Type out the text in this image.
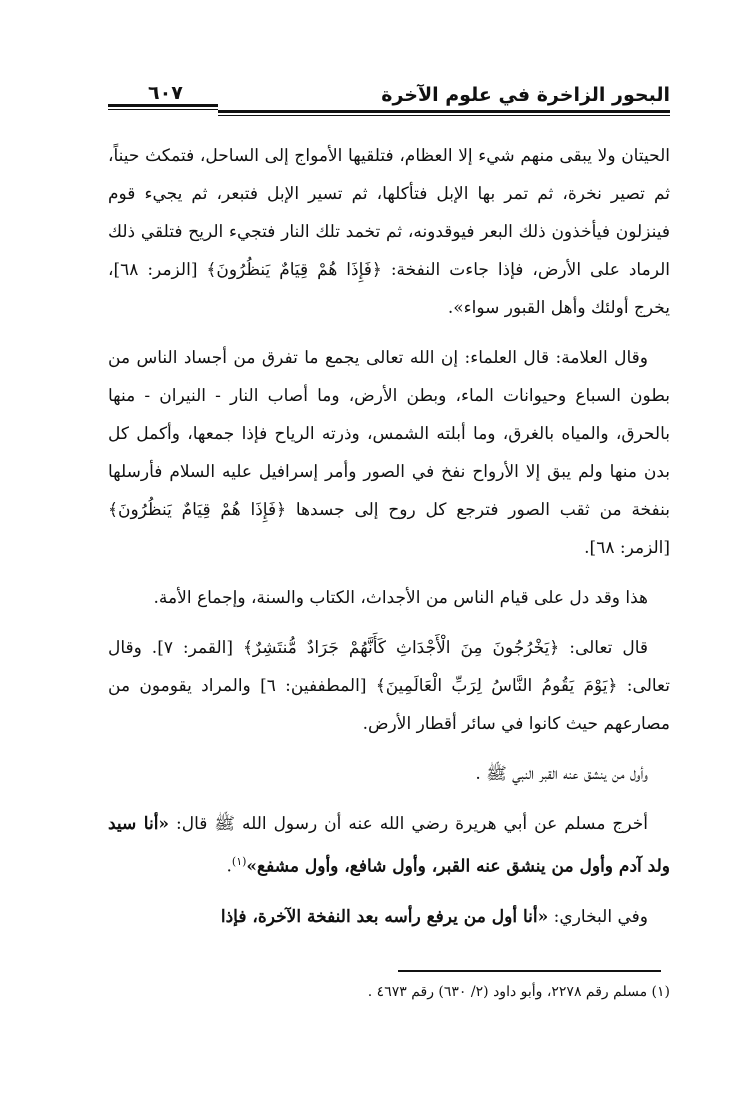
البحور الزاخرة في علوم الآخرة
٦٠٧

الحيتان ولا يبقى منهم شيء إلا العظام، فتلقيها الأمواج إلى الساحل، فتمكث حيناً، ثم تصير نخرة، ثم تمر بها الإبل فتأكلها، ثم تسير الإبل فتبعر، ثم يجيء قوم فينزلون فيأخذون ذلك البعر فيوقدونه، ثم تخمد تلك النار فتجيء الريح فتلقي ذلك الرماد على الأرض، فإذا جاءت النفخة: ﴿فَإِذَا هُمْ قِيَامٌ يَنظُرُونَ﴾ [الزمر: ٦٨]، يخرج أولئك وأهل القبور سواء».

وقال العلامة: قال العلماء: إن الله تعالى يجمع ما تفرق من أجساد الناس من بطون السباع وحيوانات الماء، وبطن الأرض، وما أصاب النار - النيران - منها بالحرق، والمياه بالغرق، وما أبلته الشمس، وذرته الرياح فإذا جمعها، وأكمل كل بدن منها ولم يبق إلا الأرواح نفخ في الصور وأمر إسرافيل عليه السلام فأرسلها بنفخة من ثقب الصور فترجع كل روح إلى جسدها ﴿فَإِذَا هُمْ قِيَامٌ يَنظُرُونَ﴾ [الزمر: ٦٨].

هذا وقد دل على قيام الناس من الأجداث، الكتاب والسنة، وإجماع الأمة.

قال تعالى: ﴿يَخْرُجُونَ مِنَ الْأَجْدَاثِ كَأَنَّهُمْ جَرَادٌ مُّنتَشِرٌ﴾ [القمر: ٧]. وقال تعالى: ﴿يَوْمَ يَقُومُ النَّاسُ لِرَبِّ الْعَالَمِينَ﴾ [المطففين: ٦] والمراد يقومون من مصارعهم حيث كانوا في سائر أقطار الأرض.

وأول من ينشق عنه القبر النبي ﷺ .

أخرج مسلم عن أبي هريرة رضي الله عنه أن رسول الله ﷺ قال: «أنا سيد ولد آدم وأول من ينشق عنه القبر، وأول شافع، وأول مشفع»$^{(١)}$.

وفي البخاري: «أنا أول من يرفع رأسه بعد النفخة الآخرة، فإذا

(١) مسلم رقم ٢٢٧٨، وأبو داود (٢/ ٦٣٠) رقم ٤٦٧٣ .
